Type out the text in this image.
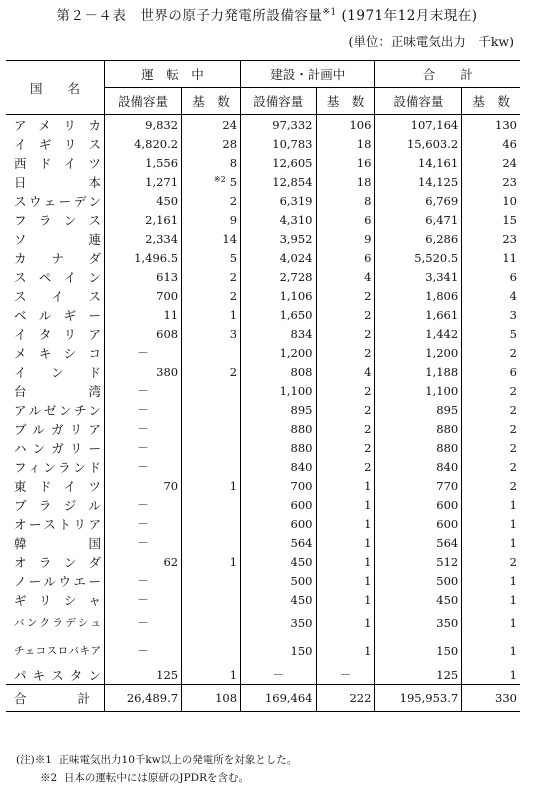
第２－４表　世界の原子力発電所設備容量$^{※1}$ (1971年12月末現在)
(単位：正味電気出力　千kw)
国　　名	運　転　中		建設・計画中		合　　計	
	設備容量	基　数	設備容量	基　数	設備容量	基　数
アメリカ	9,832	24	97,332	106	107,164	130
イギリス	4,820.2	28	10,783	18	15,603.2	46
西ドイツ	1,556	8	12,605	16	14,161	24
日　本	1,271	$^{※2}$ 5	12,854	18	14,125	23
スウェーデン	450	2	6,319	8	6,769	10
フランス	2,161	9	4,310	6	6,471	15
ソ　連	2,334	14	3,952	9	6,286	23
カナダ	1,496.5	5	4,024	6	5,520.5	11
スペイン	613	2	2,728	4	3,341	6
スイス	700	2	1,106	2	1,806	4
ベルギー	11	1	1,650	2	1,661	3
イタリア	608	3	834	2	1,442	5
メキシコ	－		1,200	2	1,200	2
インド	380	2	808	4	1,188	6
台　湾	－		1,100	2	1,100	2
アルゼンチン	－		895	2	895	2
ブルガリア	－		880	2	880	2
ハンガリー	－		880	2	880	2
フィンランド	－		840	2	840	2
東ドイツ	70	1	700	1	770	2
ブラジル	－		600	1	600	1
オーストリア	－		600	1	600	1
韓　国	－		564	1	564	1
オランダ	62	1	450	1	512	2
ノールウエー	－		500	1	500	1
ギリシャ	－		450	1	450	1
バンクラデシュ	－		350	1	350	1
チェコスロバキア	－		150	1	150	1
パキスタン	125	1	－	－	125	1
合　計	26,489.7	108	169,464	222	195,953.7	330
(注)※1 正味電気出力10千kw以上の発電所を対象とした。
※2 日本の運転中には原研のJPDRを含む。
